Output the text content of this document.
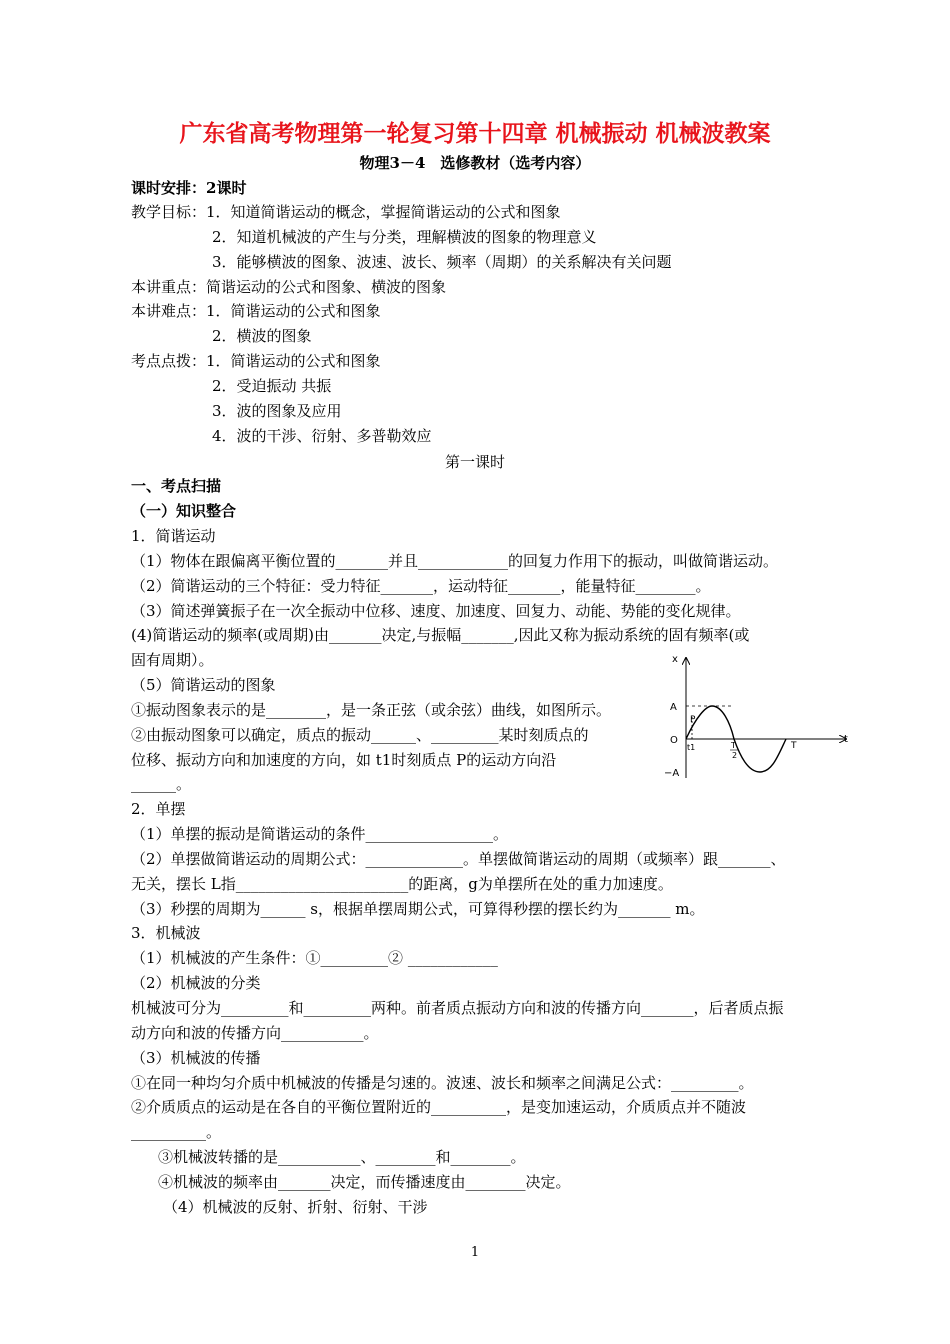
广东省高考物理第一轮复习第十四章 机械振动 机械波教案
物理3－4　选修教材（选考内容）
课时安排：2课时
教学目标：1．知道简谐运动的概念，掌握简谐运动的公式和图象
2．知道机械波的产生与分类，理解横波的图象的物理意义
3．能够横波的图象、波速、波长、频率（周期）的关系解决有关问题
本讲重点：简谐运动的公式和图象、横波的图象
本讲难点：1．简谐运动的公式和图象
2．横波的图象
考点点拨：1．简谐运动的公式和图象
2．受迫振动 共振
3．波的图象及应用
4．波的干涉、衍射、多普勒效应
第一课时
一、考点扫描
（一）知识整合
1．简谐运动
（1）物体在跟偏离平衡位置的_______并且____________的回复力作用下的振动，叫做简谐运动。
（2）简谐运动的三个特征：受力特征_______，运动特征_______，能量特征________。
（3）简述弹簧振子在一次全振动中位移、速度、加速度、回复力、动能、势能的变化规律。
(4)简谐运动的频率(或周期)由_______决定,与振幅_______,因此又称为振动系统的固有频率(或
固有周期）。
（5）简谐运动的图象
①振动图象表示的是________，是一条正弦（或余弦）曲线，如图所示。
②由振动图象可以确定，质点的振动______、_________某时刻质点的
位移、振动方向和加速度的方向，如 t1时刻质点 P的运动方向沿
______。
2．单摆
（1）单摆的振动是简谐运动的条件_________________。
（2）单摆做简谐运动的周期公式：_____________。单摆做简谐运动的周期（或频率）跟_______、
无关，摆长 L指_______________________的距离，g为单摆所在处的重力加速度。
（3）秒摆的周期为______ s，根据单摆周期公式，可算得秒摆的摆长约为_______ m。
3．机械波
（1）机械波的产生条件：①_________② ____________
（2）机械波的分类
机械波可分为_________和_________两种。前者质点振动方向和波的传播方向_______，后者质点振
动方向和波的传播方向___________。
（3）机械波的传播
①在同一种均匀介质中机械波的传播是匀速的。波速、波长和频率之间满足公式：_________。
②介质质点的运动是在各自的平衡位置附近的__________，是变加速运动，介质质点并不随波
__________。
③机械波转播的是___________、________和________。
④机械波的频率由_______决定，而传播速度由________决定。
（4）机械波的反射、折射、衍射、干涉
x
t
A
−A
O
P
t1	T
2
T
1
